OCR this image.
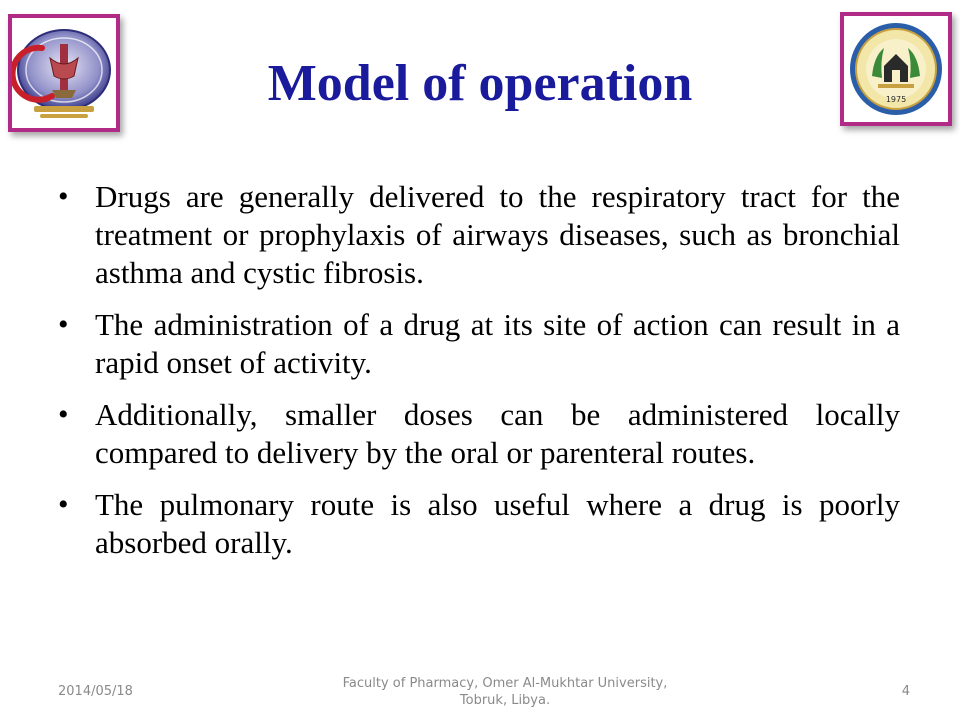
1975
Model of operation
• Drugs are generally delivered to the respiratory tract for the treatment or prophylaxis of airways diseases, such as bronchial asthma and cystic fibrosis.
• The administration of a drug at its site of action can result in a rapid onset of activity.
• Additionally, smaller doses can be administered locally compared to delivery by the oral or parenteral routes.
• The pulmonary route is also useful where a drug is poorly absorbed orally.
2014/05/18
Faculty of Pharmacy, Omer Al-Mukhtar University, Tobruk, Libya.
4
